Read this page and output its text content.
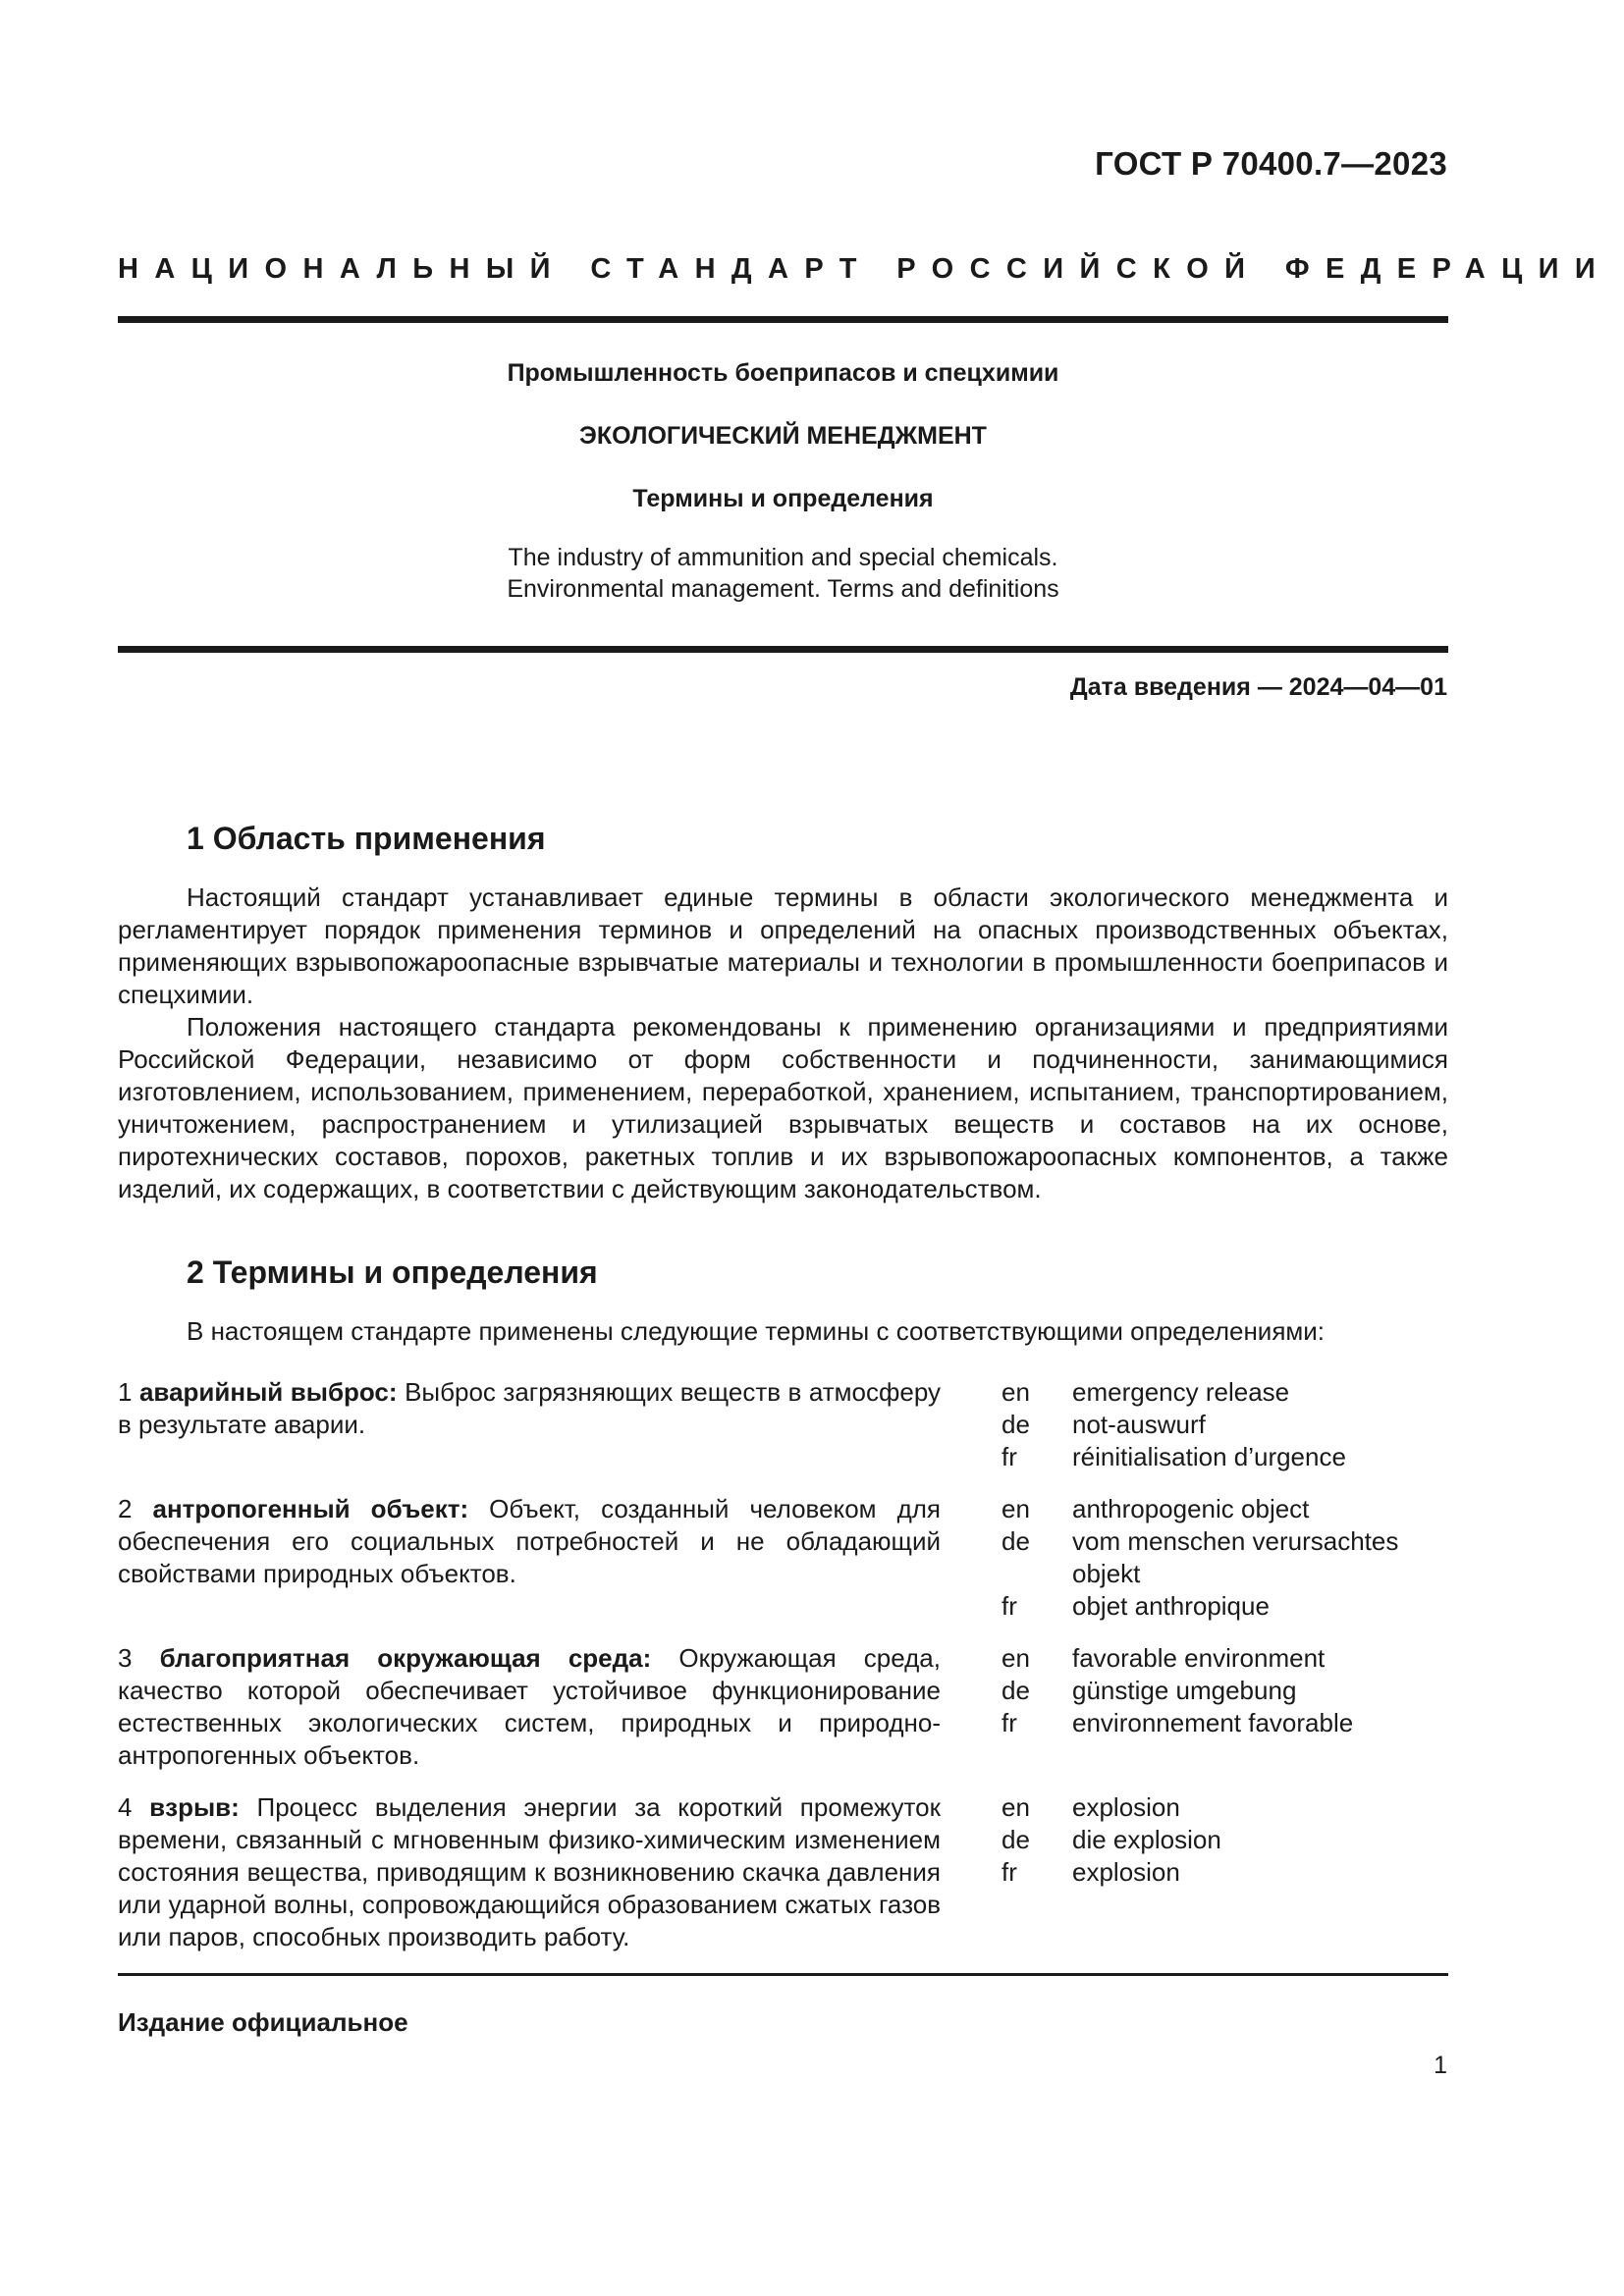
ГОСТ Р 70400.7—2023
НАЦИОНАЛЬНЫЙ СТАНДАРТ РОССИЙСКОЙ ФЕДЕРАЦИИ
Промышленность боеприпасов и спецхимии
ЭКОЛОГИЧЕСКИЙ МЕНЕДЖМЕНТ
Термины и определения
The industry of ammunition and special chemicals.
Environmental management. Terms and definitions
Дата введения — 2024—04—01
1 Область применения

Настоящий стандарт устанавливает единые термины в области экологического менеджмента и регламентирует порядок применения терминов и определений на опасных производственных объектах, применяющих взрывопожароопасные взрывчатые материалы и технологии в промышленности боеприпасов и спецхимии.

Положения настоящего стандарта рекомендованы к применению организациями и предприятиями Российской Федерации, независимо от форм собственности и подчиненности, занимающимися изготовлением, использованием, применением, переработкой, хранением, испытанием, транспортированием, уничтожением, распространением и утилизацией взрывчатых веществ и составов на их основе, пиротехнических составов, порохов, ракетных топлив и их взрывопожароопасных компонентов, а также изделий, их содержащих, в соответствии с действующим законодательством.

2 Термины и определения

В настоящем стандарте применены следующие термины с соответствующими определениями:

1 аварийный выброс: Выброс загрязняющих веществ в атмосферу в результате аварии.
en	emergency release
de	not-auswurf
fr	réinitialisation d’urgence
2 антропогенный объект: Объект, созданный человеком для обеспечения его социальных потребностей и не обладающий свойствами природных объектов.
en	anthropogenic object
de	vom menschen verursachtes objekt
fr	objet anthropique
3 благоприятная окружающая среда: Окружающая среда, качество которой обеспечивает устойчивое функционирование естественных экологических систем, природных и природно-антропогенных объектов.
en	favorable environment
de	günstige umgebung
fr	environnement favorable
4 взрыв: Процесс выделения энергии за короткий промежуток времени, связанный с мгновенным физико-химическим изменением состояния вещества, приводящим к возникновению скачка давления или ударной волны, сопровождающийся образованием сжатых газов или паров, способных производить работу.
en	explosion
de	die explosion
fr	explosion
Издание официальное
1
